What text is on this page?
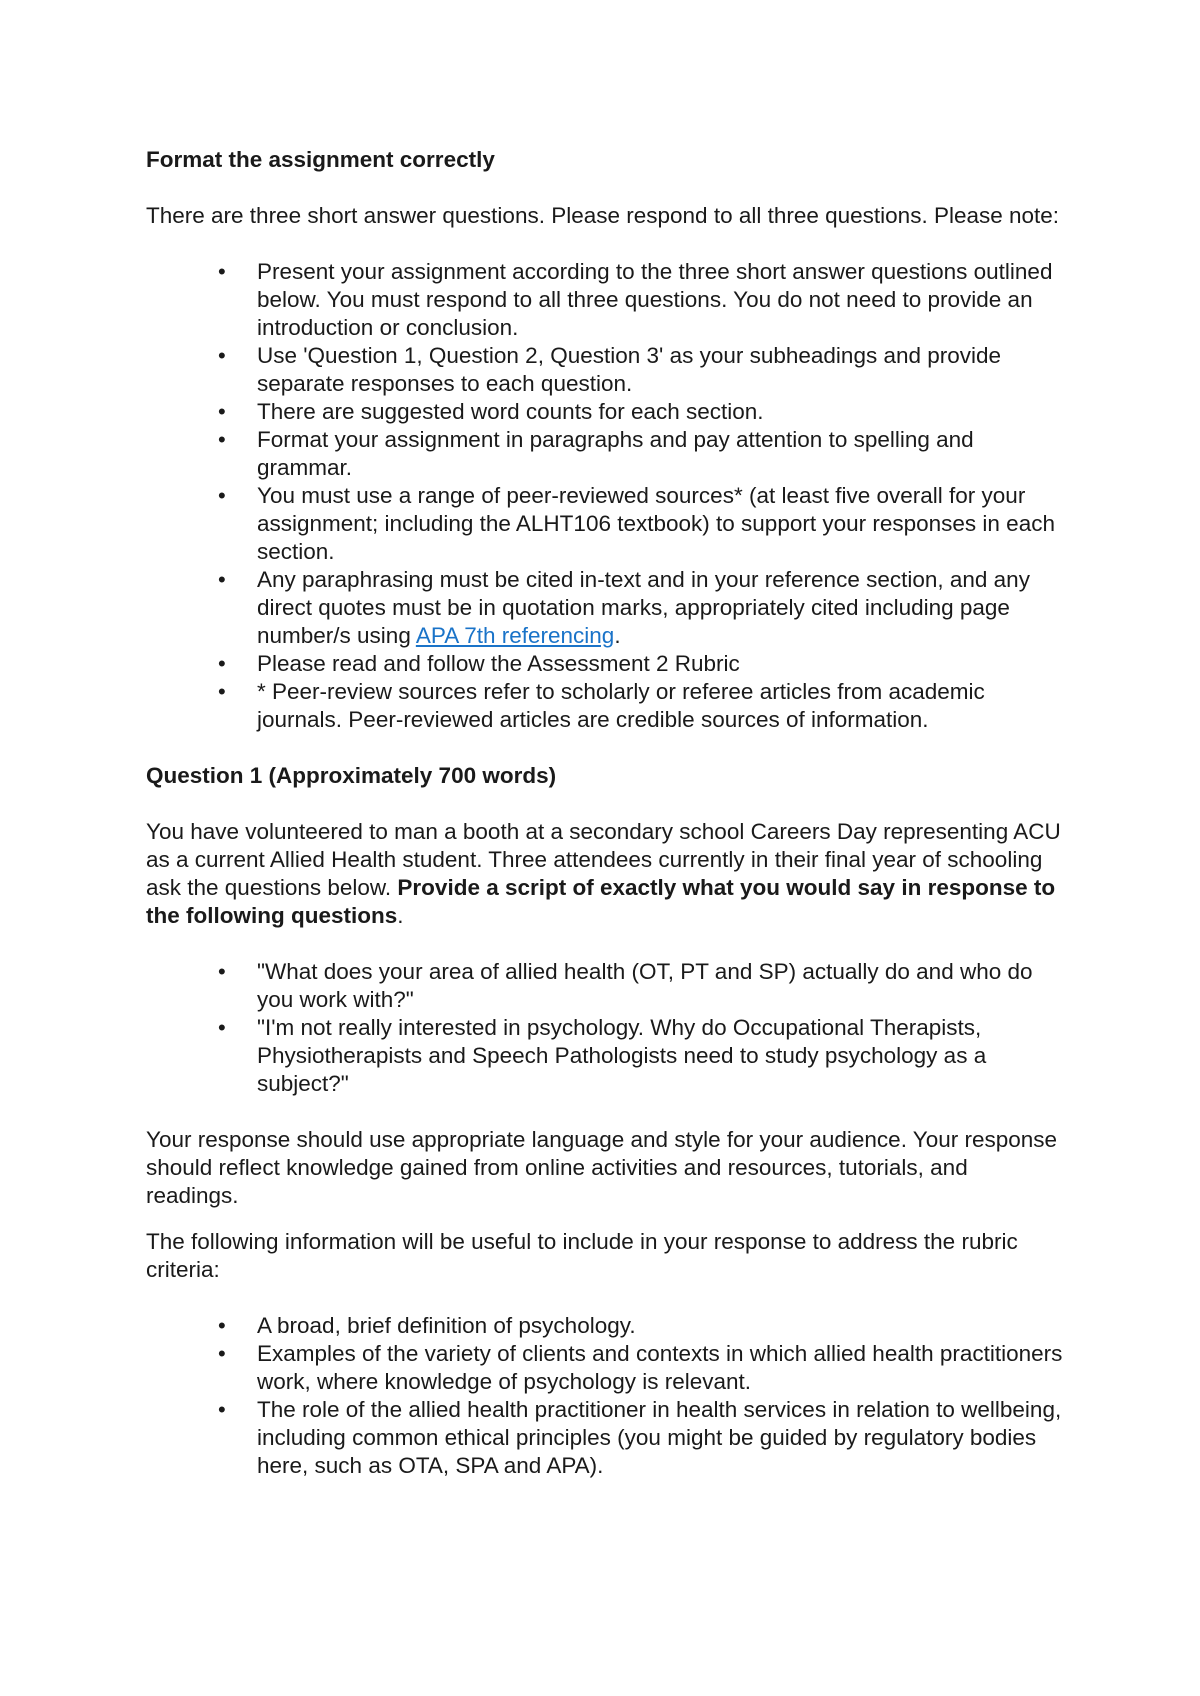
Format the assignment correctly

There are three short answer questions. Please respond to all three questions. Please note:

• Present your assignment according to the three short answer questions outlined below. You must respond to all three questions. You do not need to provide an introduction or conclusion.
• Use 'Question 1, Question 2, Question 3' as your subheadings and provide separate responses to each question.
• There are suggested word counts for each section.
• Format your assignment in paragraphs and pay attention to spelling and grammar.
• You must use a range of peer-reviewed sources* (at least five overall for your assignment; including the ALHT106 textbook) to support your responses in each section.
• Any paraphrasing must be cited in-text and in your reference section, and any direct quotes must be in quotation marks, appropriately cited including page number/s using APA 7th referencing.
• Please read and follow the Assessment 2 Rubric
• * Peer-review sources refer to scholarly or referee articles from academic journals. Peer-reviewed articles are credible sources of information.
Question 1 (Approximately 700 words)

You have volunteered to man a booth at a secondary school Careers Day representing ACU as a current Allied Health student. Three attendees currently in their final year of schooling ask the questions below. Provide a script of exactly what you would say in response to the following questions.

• "What does your area of allied health (OT, PT and SP) actually do and who do you work with?"
• "I'm not really interested in psychology. Why do Occupational Therapists, Physiotherapists and Speech Pathologists need to study psychology as a subject?"

Your response should use appropriate language and style for your audience. Your response should reflect knowledge gained from online activities and resources, tutorials, and readings.

The following information will be useful to include in your response to address the rubric criteria:

• A broad, brief definition of psychology.
• Examples of the variety of clients and contexts in which allied health practitioners work, where knowledge of psychology is relevant.
• The role of the allied health practitioner in health services in relation to wellbeing, including common ethical principles (you might be guided by regulatory bodies here, such as OTA, SPA and APA).
